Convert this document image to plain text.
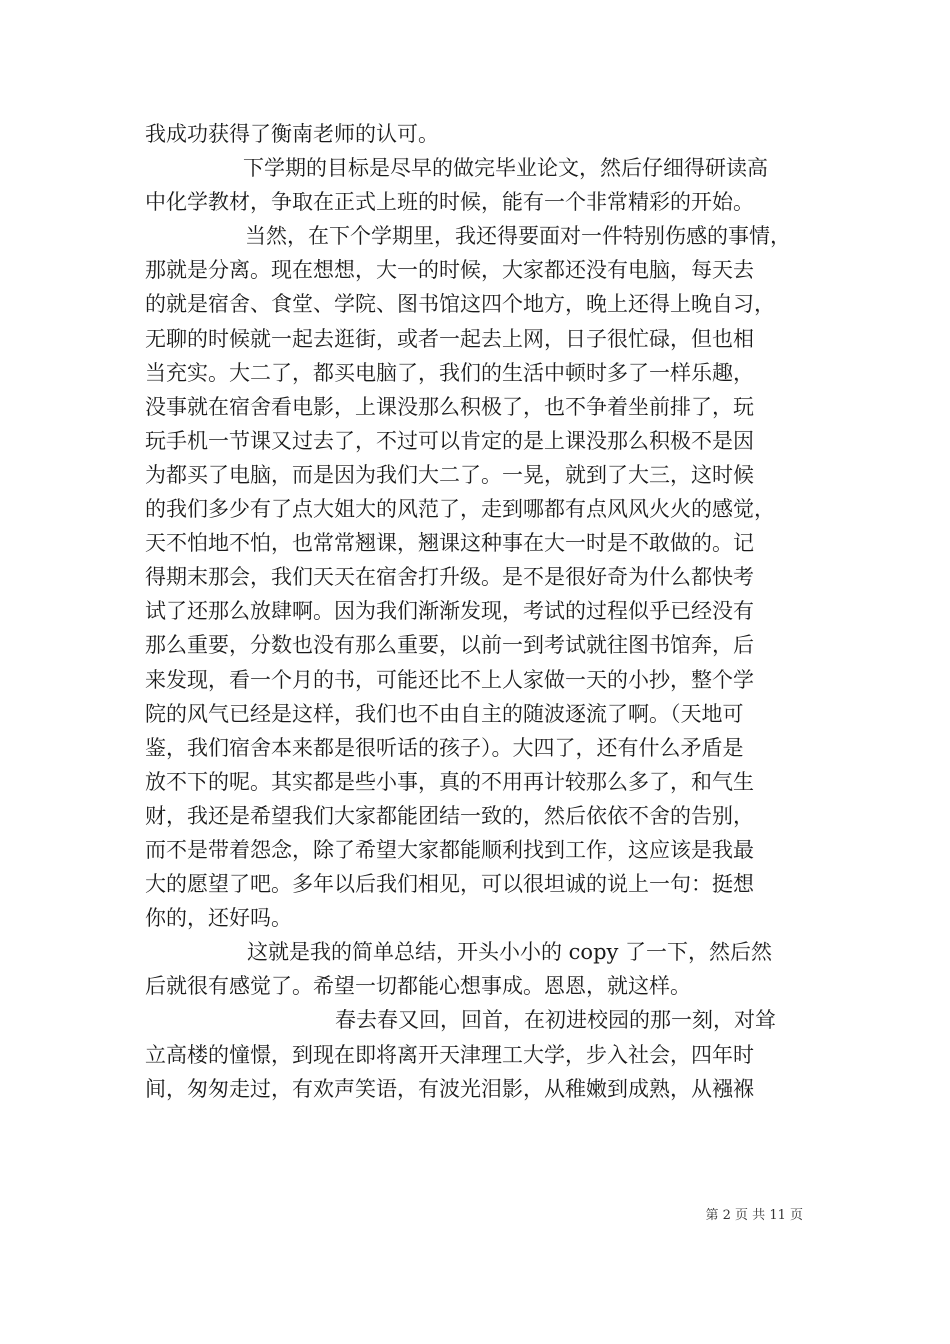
我成功获得了衡南老师的认可。
下学期的目标是尽早的做完毕业论文，然后仔细得研读高
中化学教材，争取在正式上班的时候，能有一个非常精彩的开始。
当然，在下个学期里，我还得要面对一件特别伤感的事情，
那就是分离。现在想想，大一的时候，大家都还没有电脑，每天去
的就是宿舍、食堂、学院、图书馆这四个地方，晚上还得上晚自习，
无聊的时候就一起去逛街，或者一起去上网，日子很忙碌，但也相
当充实。大二了，都买电脑了，我们的生活中顿时多了一样乐趣，
没事就在宿舍看电影，上课没那么积极了，也不争着坐前排了，玩
玩手机一节课又过去了，不过可以肯定的是上课没那么积极不是因
为都买了电脑，而是因为我们大二了。一晃，就到了大三，这时候
的我们多少有了点大姐大的风范了，走到哪都有点风风火火的感觉，
天不怕地不怕，也常常翘课，翘课这种事在大一时是不敢做的。记
得期末那会，我们天天在宿舍打升级。是不是很好奇为什么都快考
试了还那么放肆啊。因为我们渐渐发现，考试的过程似乎已经没有
那么重要，分数也没有那么重要，以前一到考试就往图书馆奔，后
来发现，看一个月的书，可能还比不上人家做一天的小抄，整个学
院的风气已经是这样，我们也不由自主的随波逐流了啊。（天地可
鉴，我们宿舍本来都是很听话的孩子）。大四了，还有什么矛盾是
放不下的呢。其实都是些小事，真的不用再计较那么多了，和气生
财，我还是希望我们大家都能团结一致的，然后依依不舍的告别，
而不是带着怨念，除了希望大家都能顺利找到工作，这应该是我最
大的愿望了吧。多年以后我们相见，可以很坦诚的说上一句：挺想
你的，还好吗。
这就是我的简单总结，开头小小的 copy 了一下，然后然
后就很有感觉了。希望一切都能心想事成。恩恩，就这样。
春去春又回，回首，在初进校园的那一刻，对耸
立高楼的憧憬，到现在即将离开天津理工大学，步入社会，四年时
间，匆匆走过，有欢声笑语，有波光泪影，从稚嫩到成熟，从襁褓
第 2 页 共 11 页
